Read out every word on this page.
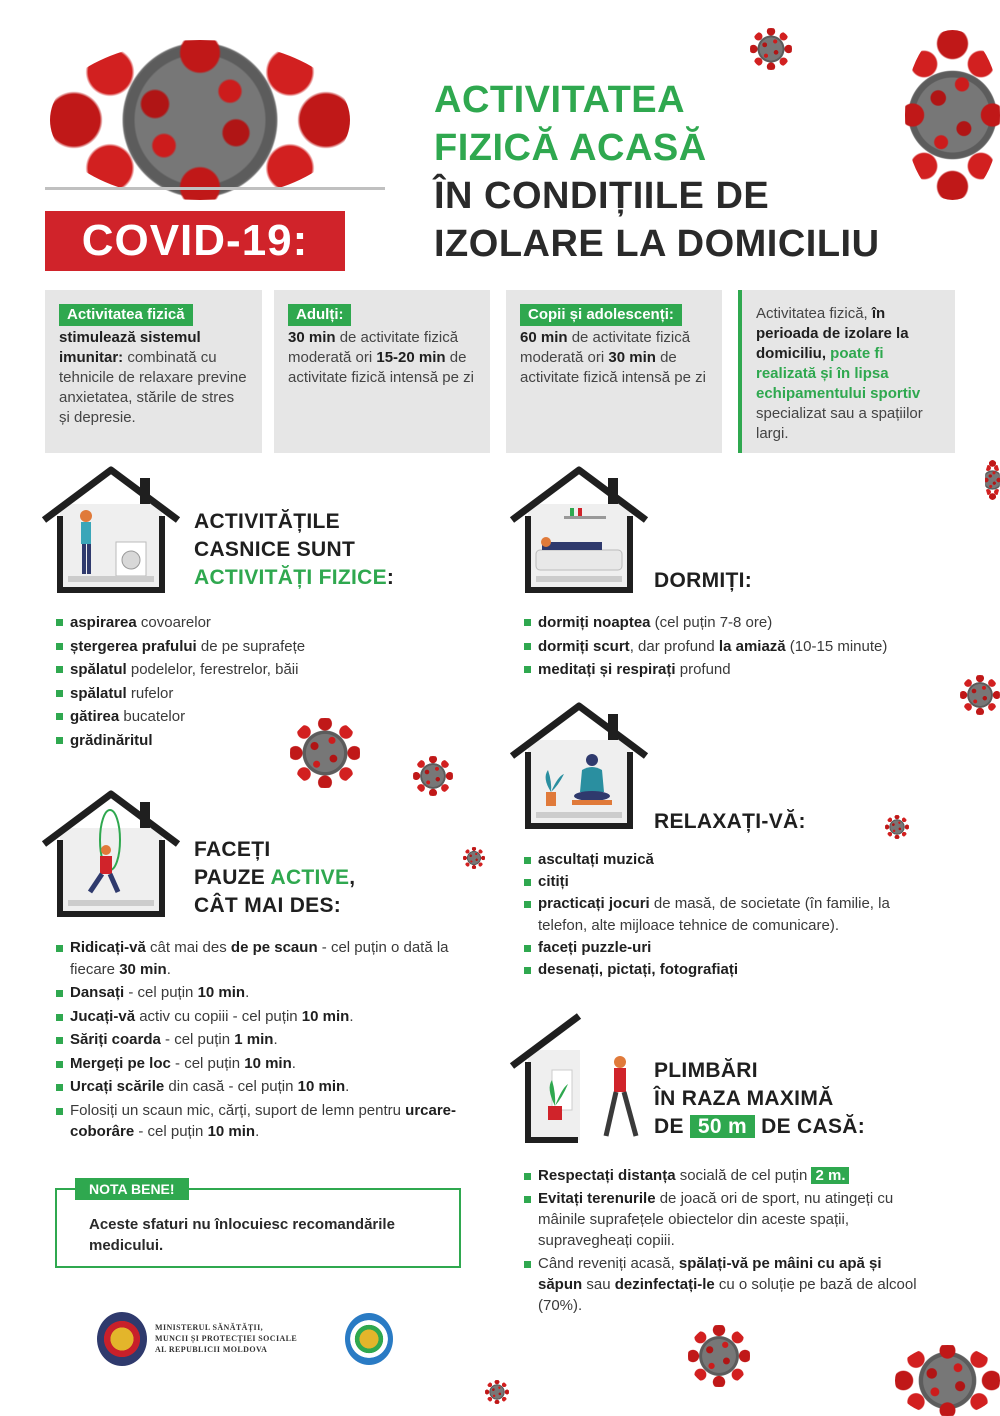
COVID-19:
ACTIVITATEA
FIZICĂ ACASĂ
ÎN CONDIȚIILE DE
IZOLARE LA DOMICILIU
Activitatea fizică
stimulează sistemul imunitar: combinată cu tehnicile de relaxare previne anxietatea, stările de stres și depresie.
Adulți:
30 min de activitate fizică moderată ori 15-20 min de activitate fizică intensă pe zi
Copii și adolescenți:
60 min de activitate fizică moderată ori 30 min de activitate fizică intensă pe zi
Activitatea fizică, în perioada de izolare la domiciliu, poate fi realizată și în lipsa echipamentului sportiv specializat sau a spațiilor largi.
ACTIVITĂȚILE
CASNICE SUNT
ACTIVITĂȚI FIZICE:
aspirarea covoarelor
ștergerea prafului de pe suprafețe
spălatul podelelor, ferestrelor, băii
spălatul rufelor
gătirea bucatelor
grădinăritul
DORMIȚI:
dormiți noaptea (cel puțin 7-8 ore)
dormiți scurt, dar profund la amiază (10-15 minute)
meditați și respirați profund
RELAXAȚI-VĂ:
ascultați muzică
citiți
practicați jocuri de masă, de societate (în familie, la telefon, alte mijloace tehnice de comunicare).
faceți puzzle-uri
desenați, pictați, fotografiați
FACEȚI
PAUZE ACTIVE,
CÂT MAI DES:
Ridicați-vă cât mai des de pe scaun - cel puțin o dată la fiecare 30 min.
Dansați - cel puțin 10 min.
Jucați-vă activ cu copiii - cel puțin 10 min.
Săriți coarda - cel puțin 1 min.
Mergeți pe loc - cel puțin 10 min.
Urcați scările din casă - cel puțin 10 min.
Folosiți un scaun mic, cărți, suport de lemn pentru urcare-coborâre - cel puțin 10 min.
PLIMBĂRI
ÎN RAZA MAXIMĂ
DE 50 m DE CASĂ:
Respectați distanța socială de cel puțin 2 m.
Evitați terenurile de joacă ori de sport, nu atingeți cu mâinile suprafețele obiectelor din aceste spații, supravegheați copiii.
Când reveniți acasă, spălați-vă pe mâini cu apă și săpun sau dezinfectați-le cu o soluție pe bază de alcool (70%).
NOTA BENE!
Aceste sfaturi nu înlocuiesc recomandările medicului.
MINISTERUL SĂNĂTĂȚII,
MUNCII ȘI PROTECȚIEI SOCIALE
AL REPUBLICII MOLDOVA
